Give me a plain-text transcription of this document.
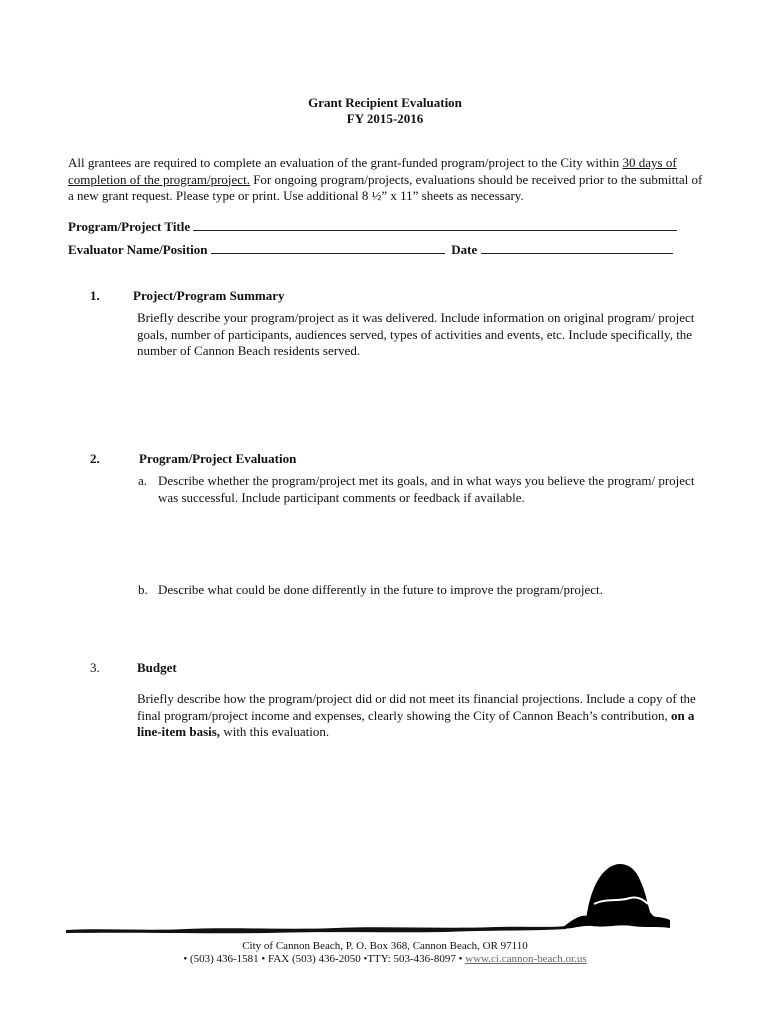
Grant Recipient Evaluation
FY 2015-2016
All grantees are required to complete an evaluation of the grant-funded program/project to the City within 30 days of completion of the program/project. For ongoing program/projects, evaluations should be received prior to the submittal of a new grant request. Please type or print. Use additional 8 ½” x 11” sheets as necessary.
Program/Project Title
Evaluator Name/Position	Date
1.	Project/Program Summary
Briefly describe your program/project as it was delivered. Include information on original program/ project goals, number of participants, audiences served, types of activities and events, etc. Include specifically, the number of Cannon Beach residents served.
2.	Program/Project Evaluation
a. Describe whether the program/project met its goals, and in what ways you believe the program/ project was successful. Include participant comments or feedback if available.
b. Describe what could be done differently in the future to improve the program/project.
3.	Budget
Briefly describe how the program/project did or did not meet its financial projections. Include a copy of the final program/project income and expenses, clearly showing the City of Cannon Beach’s contribution, on a line-item basis, with this evaluation.
City of Cannon Beach, P. O. Box 368, Cannon Beach, OR 97110
• (503) 436-1581 • FAX (503) 436-2050 •TTY: 503-436-8097 • www.ci.cannon-beach.or.us
